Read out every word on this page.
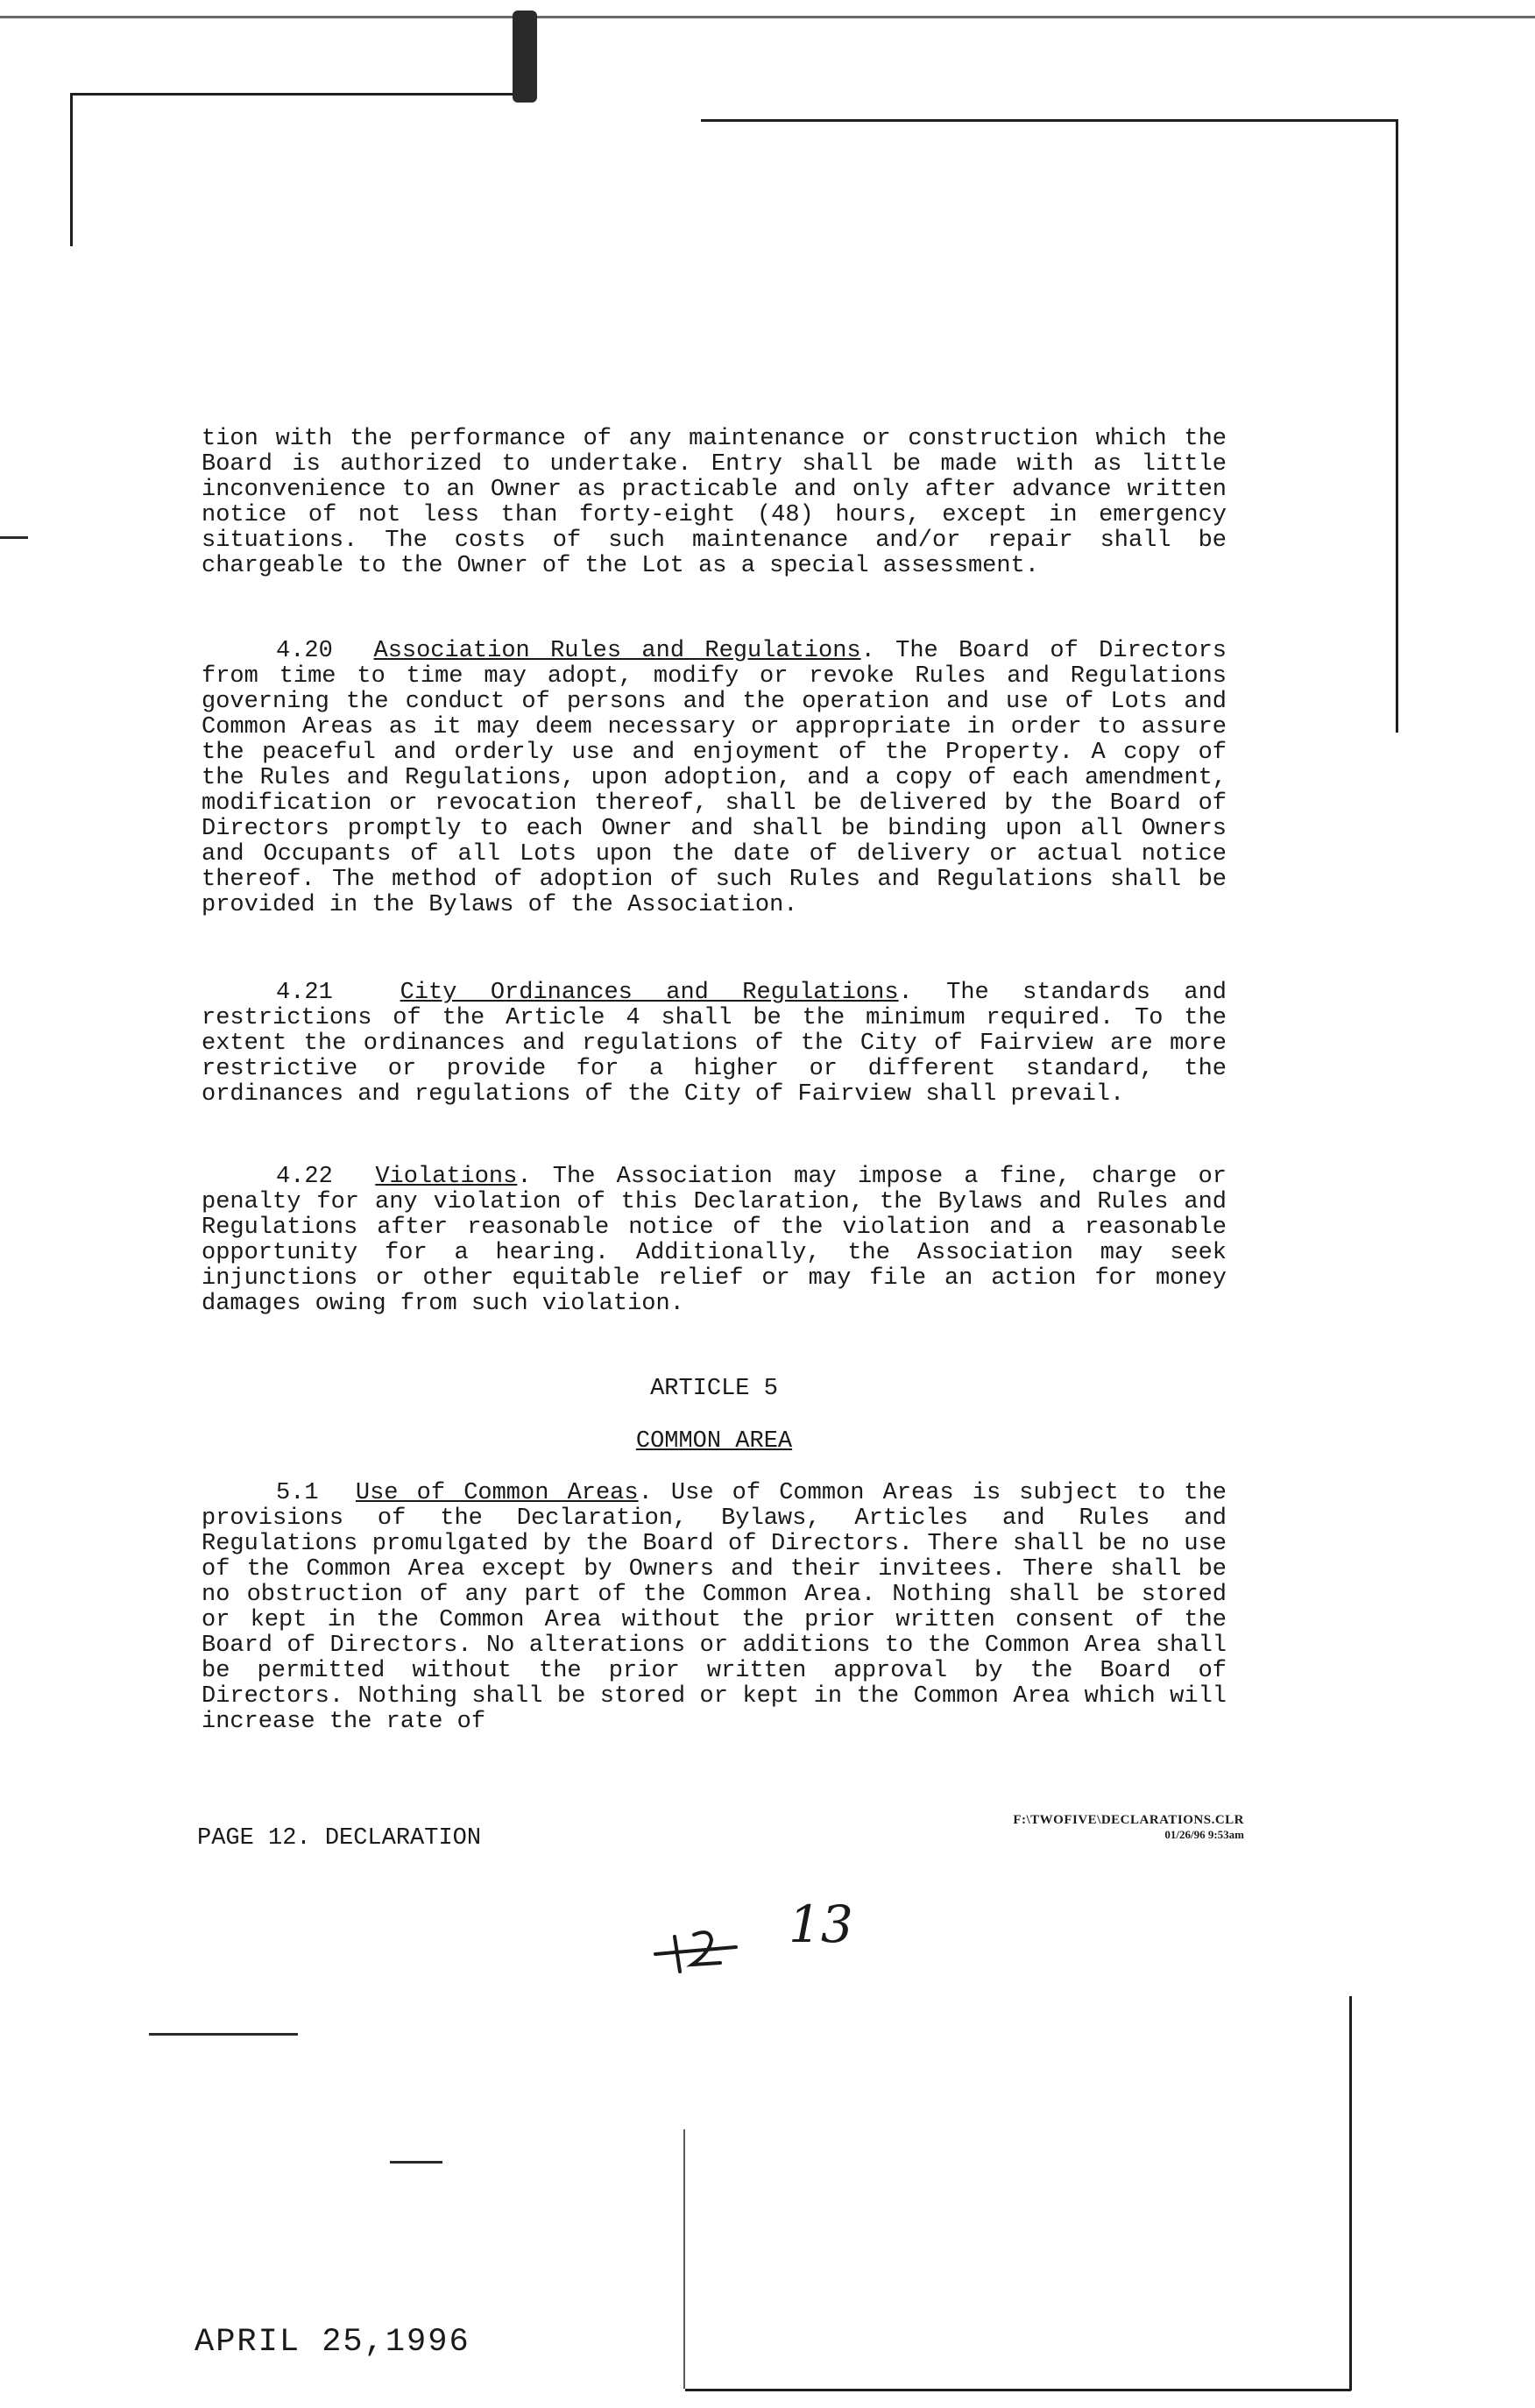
tion with the performance of any maintenance or construction which the Board is authorized to undertake. Entry shall be made with as little inconvenience to an Owner as practicable and only after advance written notice of not less than forty-eight (48) hours, except in emergency situations. The costs of such maintenance and/or repair shall be chargeable to the Owner of the Lot as a special assessment.

4.20 Association Rules and Regulations. The Board of Directors from time to time may adopt, modify or revoke Rules and Regulations governing the conduct of persons and the operation and use of Lots and Common Areas as it may deem necessary or appropriate in order to assure the peaceful and orderly use and enjoyment of the Property. A copy of the Rules and Regulations, upon adoption, and a copy of each amendment, modification or revocation thereof, shall be delivered by the Board of Directors promptly to each Owner and shall be binding upon all Owners and Occupants of all Lots upon the date of delivery or actual notice thereof. The method of adoption of such Rules and Regulations shall be provided in the Bylaws of the Association.

4.21	City Ordinances and Regulations. The standards and restrictions of the Article 4 shall be the minimum required. To the extent the ordinances and regulations of the City of Fairview are more restrictive or provide for a higher or different standard, the ordinances and regulations of the City of Fairview shall prevail.

4.22 Violations. The Association may impose a fine, charge or penalty for any violation of this Declaration, the Bylaws and Rules and Regulations after reasonable notice of the violation and a reasonable opportunity for a hearing. Additionally, the Association may seek injunctions or other equitable relief or may file an action for money damages owing from such violation.

ARTICLE 5
COMMON AREA

5.1 Use of Common Areas. Use of Common Areas is subject to the provisions of the Declaration, Bylaws, Articles and Rules and Regulations promulgated by the Board of Directors. There shall be no use of the Common Area except by Owners and their invitees. There shall be no obstruction of any part of the Common Area. Nothing shall be stored or kept in the Common Area without the prior written consent of the Board of Directors. No alterations or additions to the Common Area shall be permitted without the prior written approval by the Board of Directors. Nothing shall be stored or kept in the Common Area which will increase the rate of

PAGE 12. DECLARATION
F:\TWOFIVE\DECLARATIONS.CLR
01/26/96 9:53am
13
APRIL 25,1996
